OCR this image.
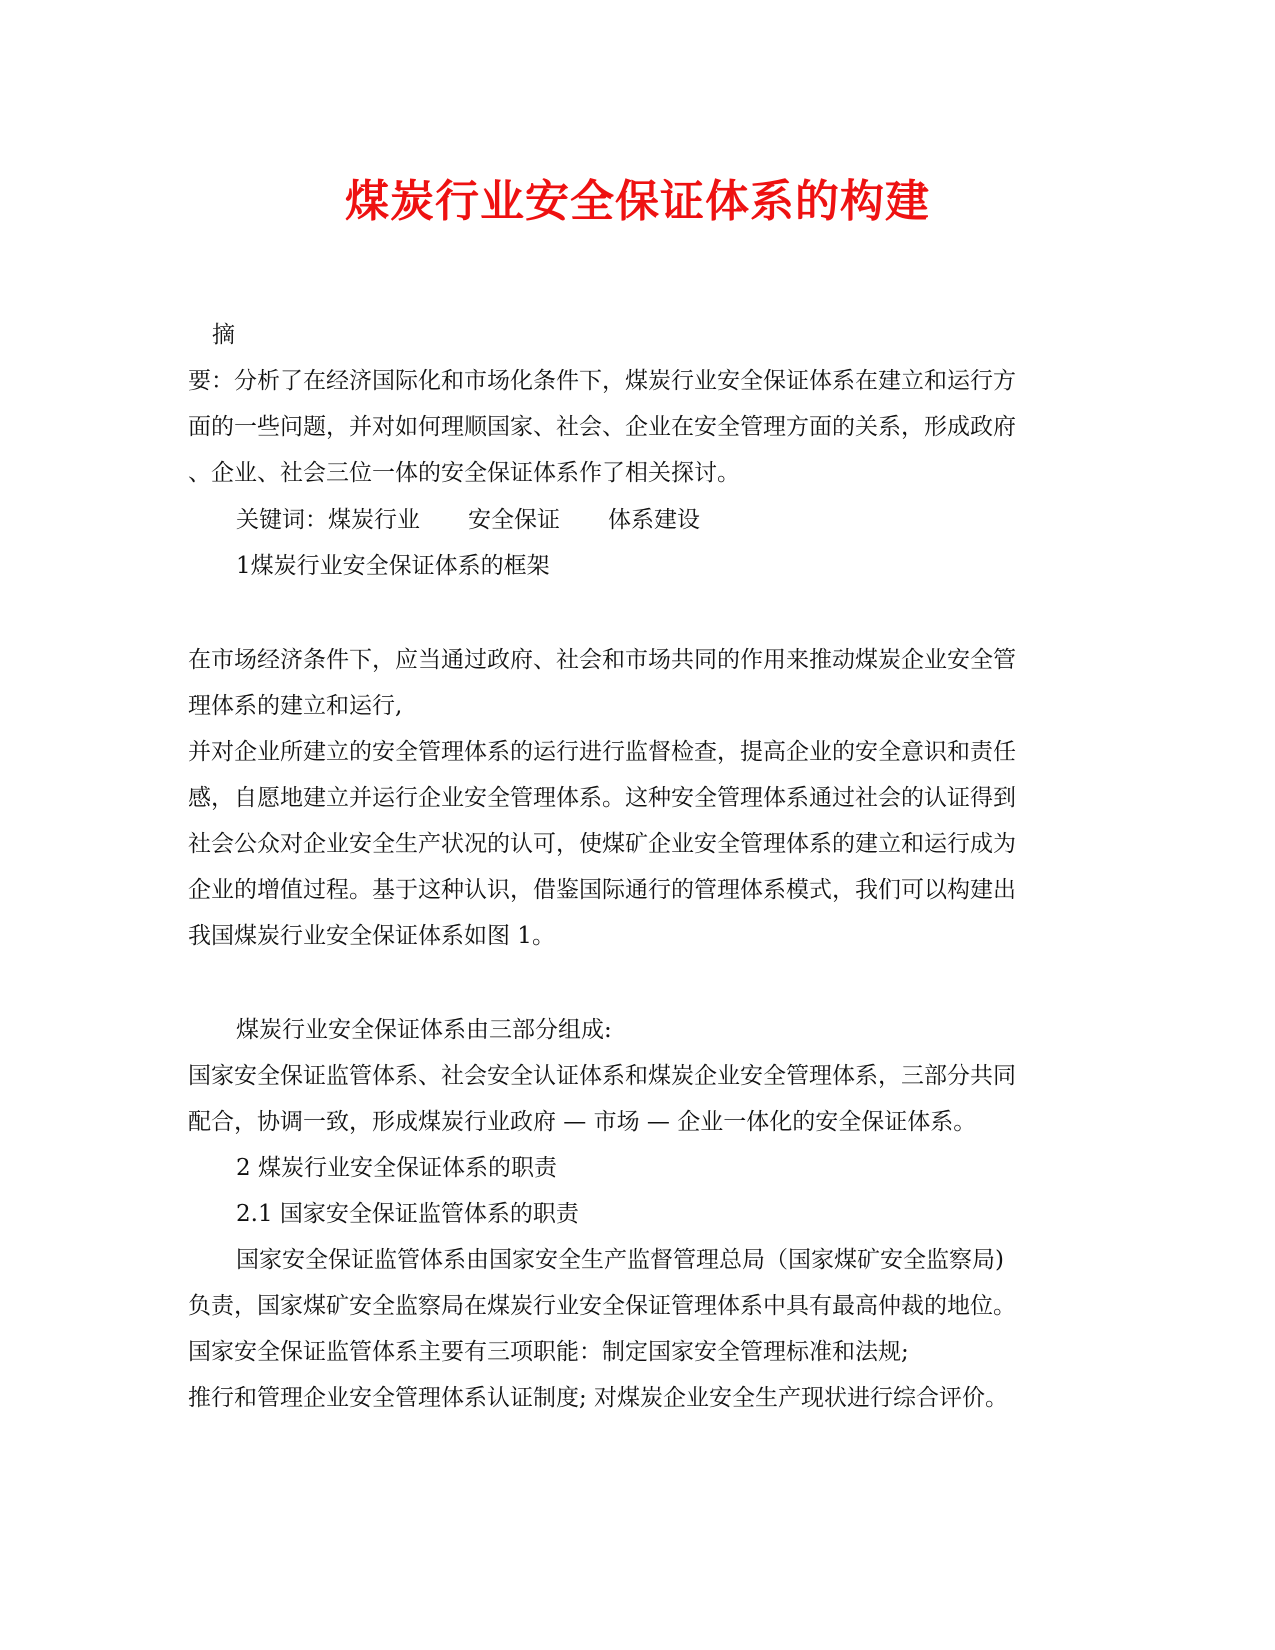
煤炭行业安全保证体系的构建
摘
要：分析了在经济国际化和市场化条件下，煤炭行业安全保证体系在建立和运行方
面的一些问题，并对如何理顺国家、社会、企业在安全管理方面的关系，形成政府
、企业、社会三位一体的安全保证体系作了相关探讨。
关键词：煤炭行业 安全保证 体系建设
1煤炭行业安全保证体系的框架
在市场经济条件下，应当通过政府、社会和市场共同的作用来推动煤炭企业安全管
理体系的建立和运行,
并对企业所建立的安全管理体系的运行进行监督检查，提高企业的安全意识和责任
感，自愿地建立并运行企业安全管理体系。这种安全管理体系通过社会的认证得到
社会公众对企业安全生产状况的认可，使煤矿企业安全管理体系的建立和运行成为
企业的增值过程。基于这种认识，借鉴国际通行的管理体系模式，我们可以构建出
我国煤炭行业安全保证体系如图 1。
煤炭行业安全保证体系由三部分组成:
国家安全保证监管体系、社会安全认证体系和煤炭企业安全管理体系，三部分共同
配合，协调一致，形成煤炭行业政府 — 市场 — 企业一体化的安全保证体系。
2 煤炭行业安全保证体系的职责
2.1 国家安全保证监管体系的职责
国家安全保证监管体系由国家安全生产监督管理总局（国家煤矿安全监察局)
负责，国家煤矿安全监察局在煤炭行业安全保证管理体系中具有最高仲裁的地位。
国家安全保证监管体系主要有三项职能：制定国家安全管理标准和法规;
推行和管理企业安全管理体系认证制度; 对煤炭企业安全生产现状进行综合评价。
